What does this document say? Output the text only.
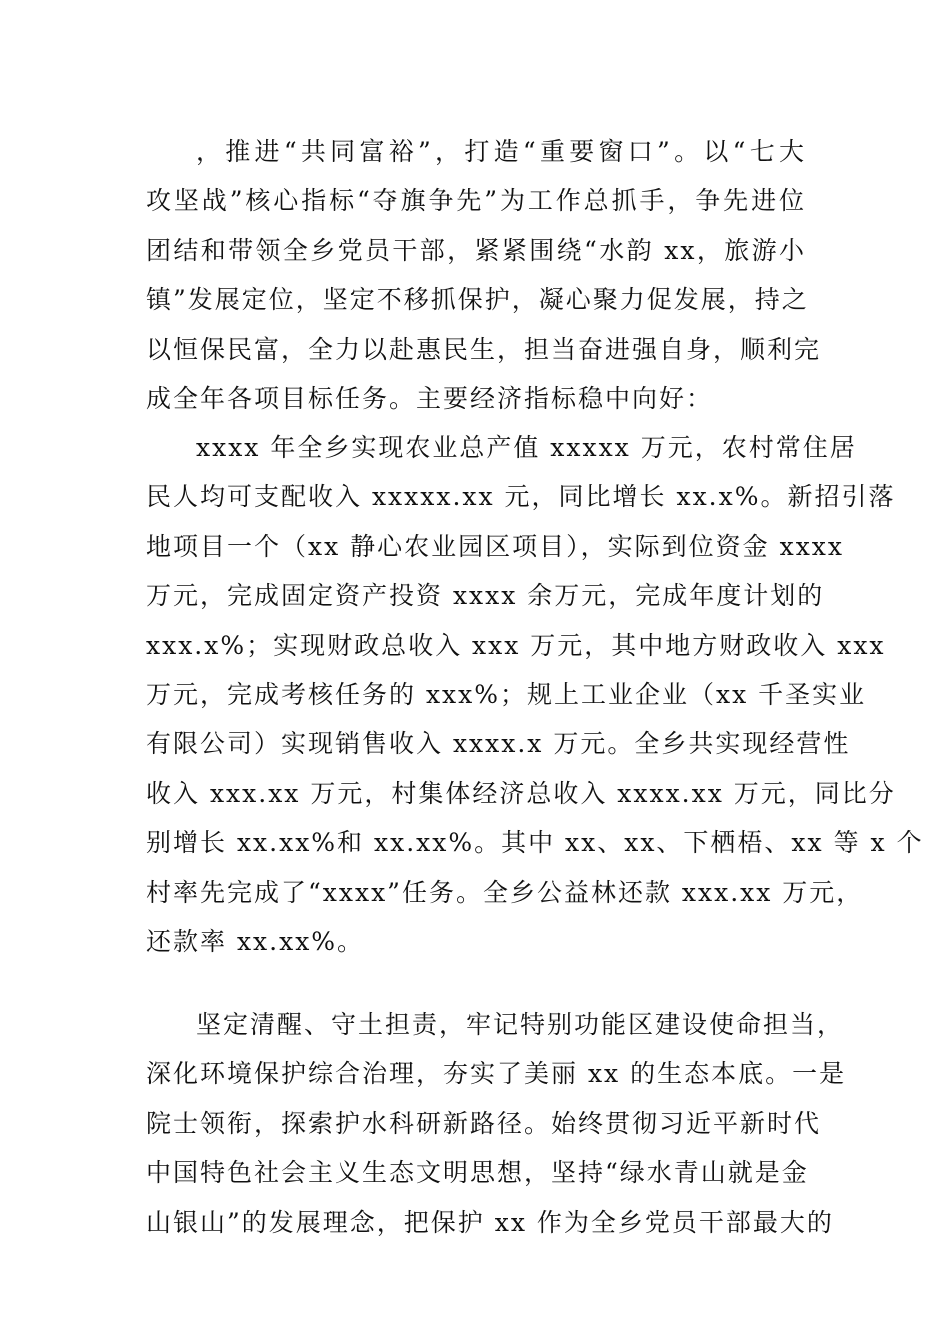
，推进“共同富裕”，打造“重要窗口”。以“七大
攻坚战”核心指标“夺旗争先”为工作总抓手，争先进位
团结和带领全乡党员干部，紧紧围绕“水韵 xx，旅游小
镇”发展定位，坚定不移抓保护，凝心聚力促发展，持之
以恒保民富，全力以赴惠民生，担当奋进强自身，顺利完
成全年各项目标任务。主要经济指标稳中向好：
xxxx 年全乡实现农业总产值 xxxxx 万元，农村常住居
民人均可支配收入 xxxxx.xx 元，同比增长 xx.x%。新招引落
地项目一个（xx 静心农业园区项目），实际到位资金 xxxx
万元，完成固定资产投资 xxxx 余万元，完成年度计划的
xxx.x%；实现财政总收入 xxx 万元，其中地方财政收入 xxx
万元，完成考核任务的 xxx%；规上工业企业（xx 千圣实业
有限公司）实现销售收入 xxxx.x 万元。全乡共实现经营性
收入 xxx.xx 万元，村集体经济总收入 xxxx.xx 万元，同比分
别增长 xx.xx%和 xx.xx%。其中 xx、xx、下栖梧、xx 等 x 个
村率先完成了“xxxx”任务。全乡公益林还款 xxx.xx 万元，
还款率 xx.xx%。
坚定清醒、守土担责，牢记特别功能区建设使命担当，
深化环境保护综合治理，夯实了美丽 xx 的生态本底。一是
院士领衔，探索护水科研新路径。始终贯彻习近平新时代
中国特色社会主义生态文明思想，坚持“绿水青山就是金
山银山”的发展理念，把保护 xx 作为全乡党员干部最大的
